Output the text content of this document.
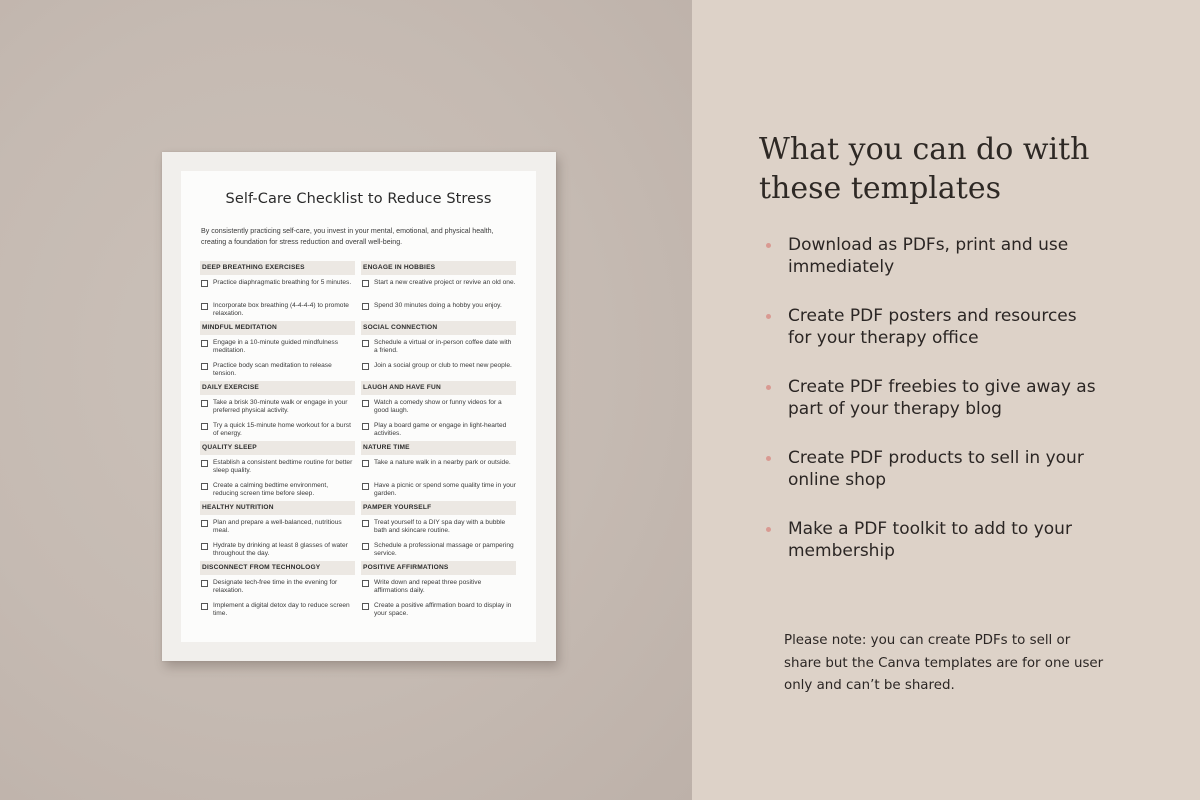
Self-Care Checklist to Reduce Stress
By consistently practicing self-care, you invest in your mental, emotional, and physical health, creating a foundation for stress reduction and overall well-being.
DEEP BREATHING EXERCISES
Practice diaphragmatic breathing for 5 minutes.
Incorporate box breathing (4-4-4-4) to promote relaxation.
MINDFUL MEDITATION
Engage in a 10-minute guided mindfulness meditation.
Practice body scan meditation to release tension.
DAILY EXERCISE
Take a brisk 30-minute walk or engage in your preferred physical activity.
Try a quick 15-minute home workout for a burst of energy.
QUALITY SLEEP
Establish a consistent bedtime routine for better sleep quality.
Create a calming bedtime environment, reducing screen time before sleep.
HEALTHY NUTRITION
Plan and prepare a well-balanced, nutritious meal.
Hydrate by drinking at least 8 glasses of water throughout the day.
DISCONNECT FROM TECHNOLOGY
Designate tech-free time in the evening for relaxation.
Implement a digital detox day to reduce screen time.
ENGAGE IN HOBBIES
Start a new creative project or revive an old one.
Spend 30 minutes doing a hobby you enjoy.
SOCIAL CONNECTION
Schedule a virtual or in-person coffee date with a friend.
Join a social group or club to meet new people.
LAUGH AND HAVE FUN
Watch a comedy show or funny videos for a good laugh.
Play a board game or engage in light-hearted activities.
NATURE TIME
Take a nature walk in a nearby park or outside.
Have a picnic or spend some quality time in your garden.
PAMPER YOURSELF
Treat yourself to a DIY spa day with a bubble bath and skincare routine.
Schedule a professional massage or pampering service.
POSITIVE AFFIRMATIONS
Write down and repeat three positive affirmations daily.
Create a positive affirmation board to display in your space.
What you can do with these templates
Download as PDFs, print and use immediately
Create PDF posters and resources for your therapy office
Create PDF freebies to give away as part of your therapy blog
Create PDF products to sell in your online shop
Make a PDF toolkit to add to your membership
Please note: you can create PDFs to sell or share but the Canva templates are for one user only and can’t be shared.
